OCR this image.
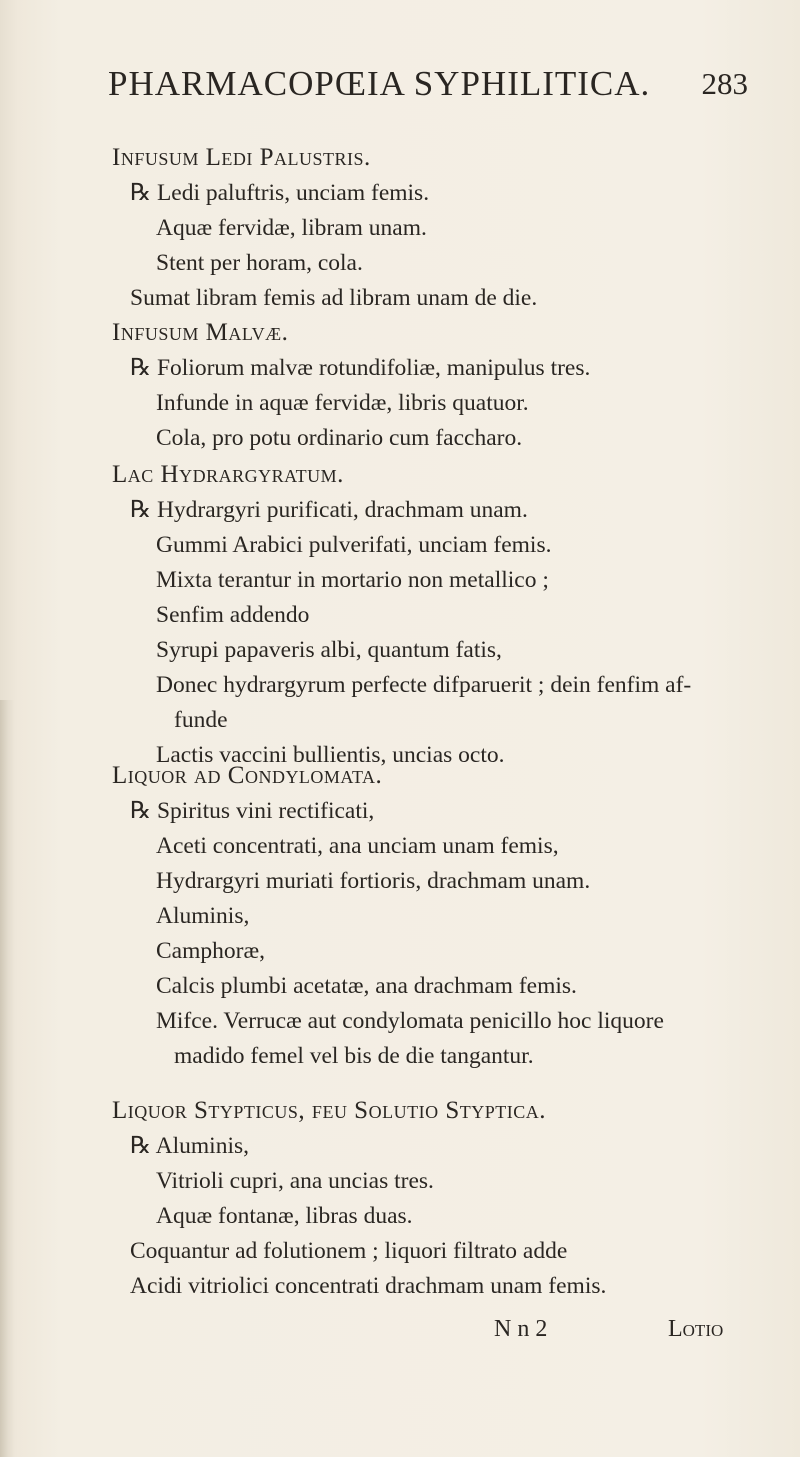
PHARMACOPŒIA SYPHILITICA. 283
Infusum Ledi Palustris.
℞ Ledi paluftris, unciam femis.
Aquæ fervidæ, libram unam.
Stent per horam, cola.
Sumat libram femis ad libram unam de die.
Infusum Malvæ.
℞ Foliorum malvæ rotundifoliæ, manipulus tres.
Infunde in aquæ fervidæ, libris quatuor.
Cola, pro potu ordinario cum faccharo.
Lac Hydrargyratum.
℞ Hydrargyri purificati, drachmam unam.
Gummi Arabici pulverifati, unciam femis.
Mixta terantur in mortario non metallico ;
Senfim addendo
Syrupi papaveris albi, quantum fatis,
Donec hydrargyrum perfecte difparuerit ; dein fenfim af-
funde
Lactis vaccini bullientis, uncias octo.
Liquor ad Condylomata.
℞ Spiritus vini rectificati,
Aceti concentrati, ana unciam unam femis,
Hydrargyri muriati fortioris, drachmam unam.
Aluminis,
Camphoræ,
Calcis plumbi acetatæ, ana drachmam femis.
Mifce. Verrucæ aut condylomata penicillo hoc liquore
madido femel vel bis de die tangantur.
Liquor Stypticus, feu Solutio Styptica.
℞ Aluminis,
Vitrioli cupri, ana uncias tres.
Aquæ fontanæ, libras duas.
Coquantur ad folutionem ; liquori filtrato adde
Acidi vitriolici concentrati drachmam unam femis.
N n 2	Lotio
